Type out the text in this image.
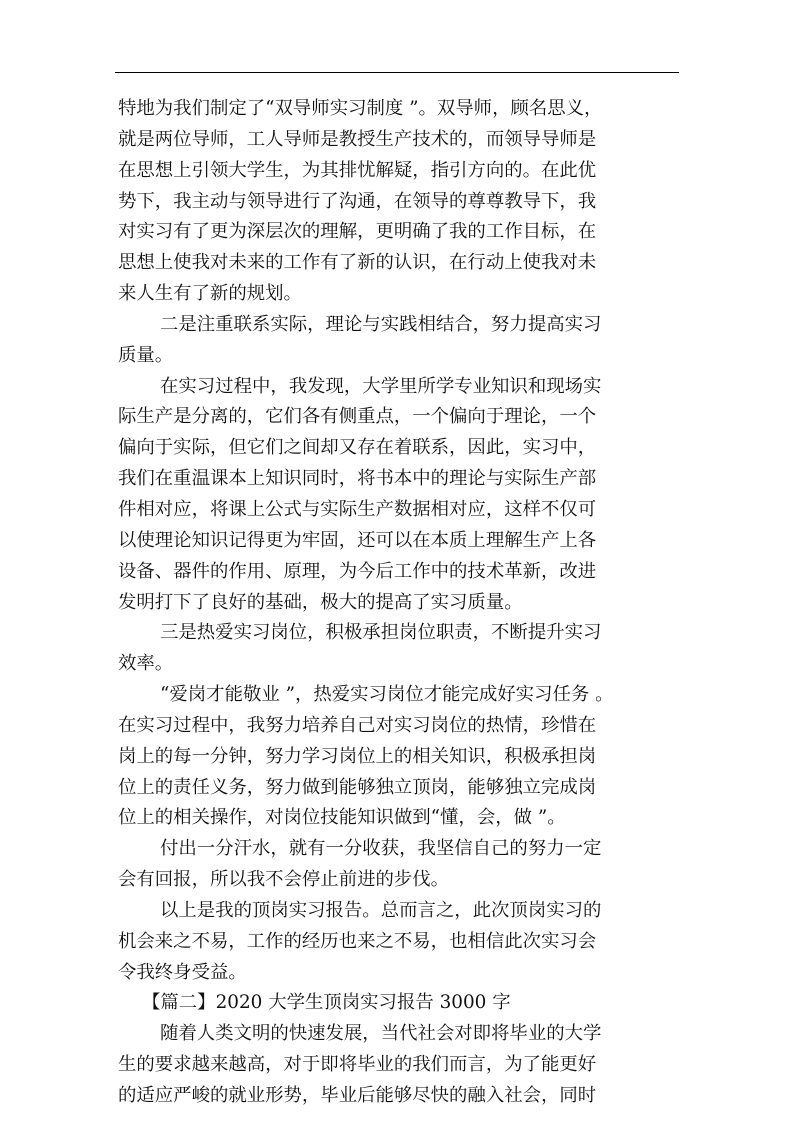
特地为我们制定了“双导师实习制度 ”。双导师，顾名思义，
就是两位导师，工人导师是教授生产技术的，而领导导师是
在思想上引领大学生，为其排忧解疑，指引方向的。在此优
势下，我主动与领导进行了沟通，在领导的尊尊教导下，我
对实习有了更为深层次的理解，更明确了我的工作目标，在
思想上使我对未来的工作有了新的认识，在行动上使我对未
来人生有了新的规划。
二是注重联系实际，理论与实践相结合，努力提高实习
质量。
在实习过程中，我发现，大学里所学专业知识和现场实
际生产是分离的，它们各有侧重点，一个偏向于理论，一个
偏向于实际，但它们之间却又存在着联系，因此，实习中，
我们在重温课本上知识同时，将书本中的理论与实际生产部
件相对应，将课上公式与实际生产数据相对应，这样不仅可
以使理论知识记得更为牢固，还可以在本质上理解生产上各
设备、器件的作用、原理，为今后工作中的技术革新，改进
发明打下了良好的基础，极大的提高了实习质量。
三是热爱实习岗位，积极承担岗位职责，不断提升实习
效率。
“爱岗才能敬业 ”，热爱实习岗位才能完成好实习任务 。
在实习过程中，我努力培养自己对实习岗位的热情，珍惜在
岗上的每一分钟，努力学习岗位上的相关知识，积极承担岗
位上的责任义务，努力做到能够独立顶岗，能够独立完成岗
位上的相关操作，对岗位技能知识做到“懂，会，做 ”。
付出一分汗水，就有一分收获，我坚信自己的努力一定
会有回报，所以我不会停止前进的步伐。
以上是我的顶岗实习报告。总而言之，此次顶岗实习的
机会来之不易，工作的经历也来之不易，也相信此次实习会
令我终身受益。
【篇二】2020 大学生顶岗实习报告 3000 字
随着人类文明的快速发展，当代社会对即将毕业的大学
生的要求越来越高，对于即将毕业的我们而言，为了能更好
的适应严峻的就业形势，毕业后能够尽快的融入社会，同时
